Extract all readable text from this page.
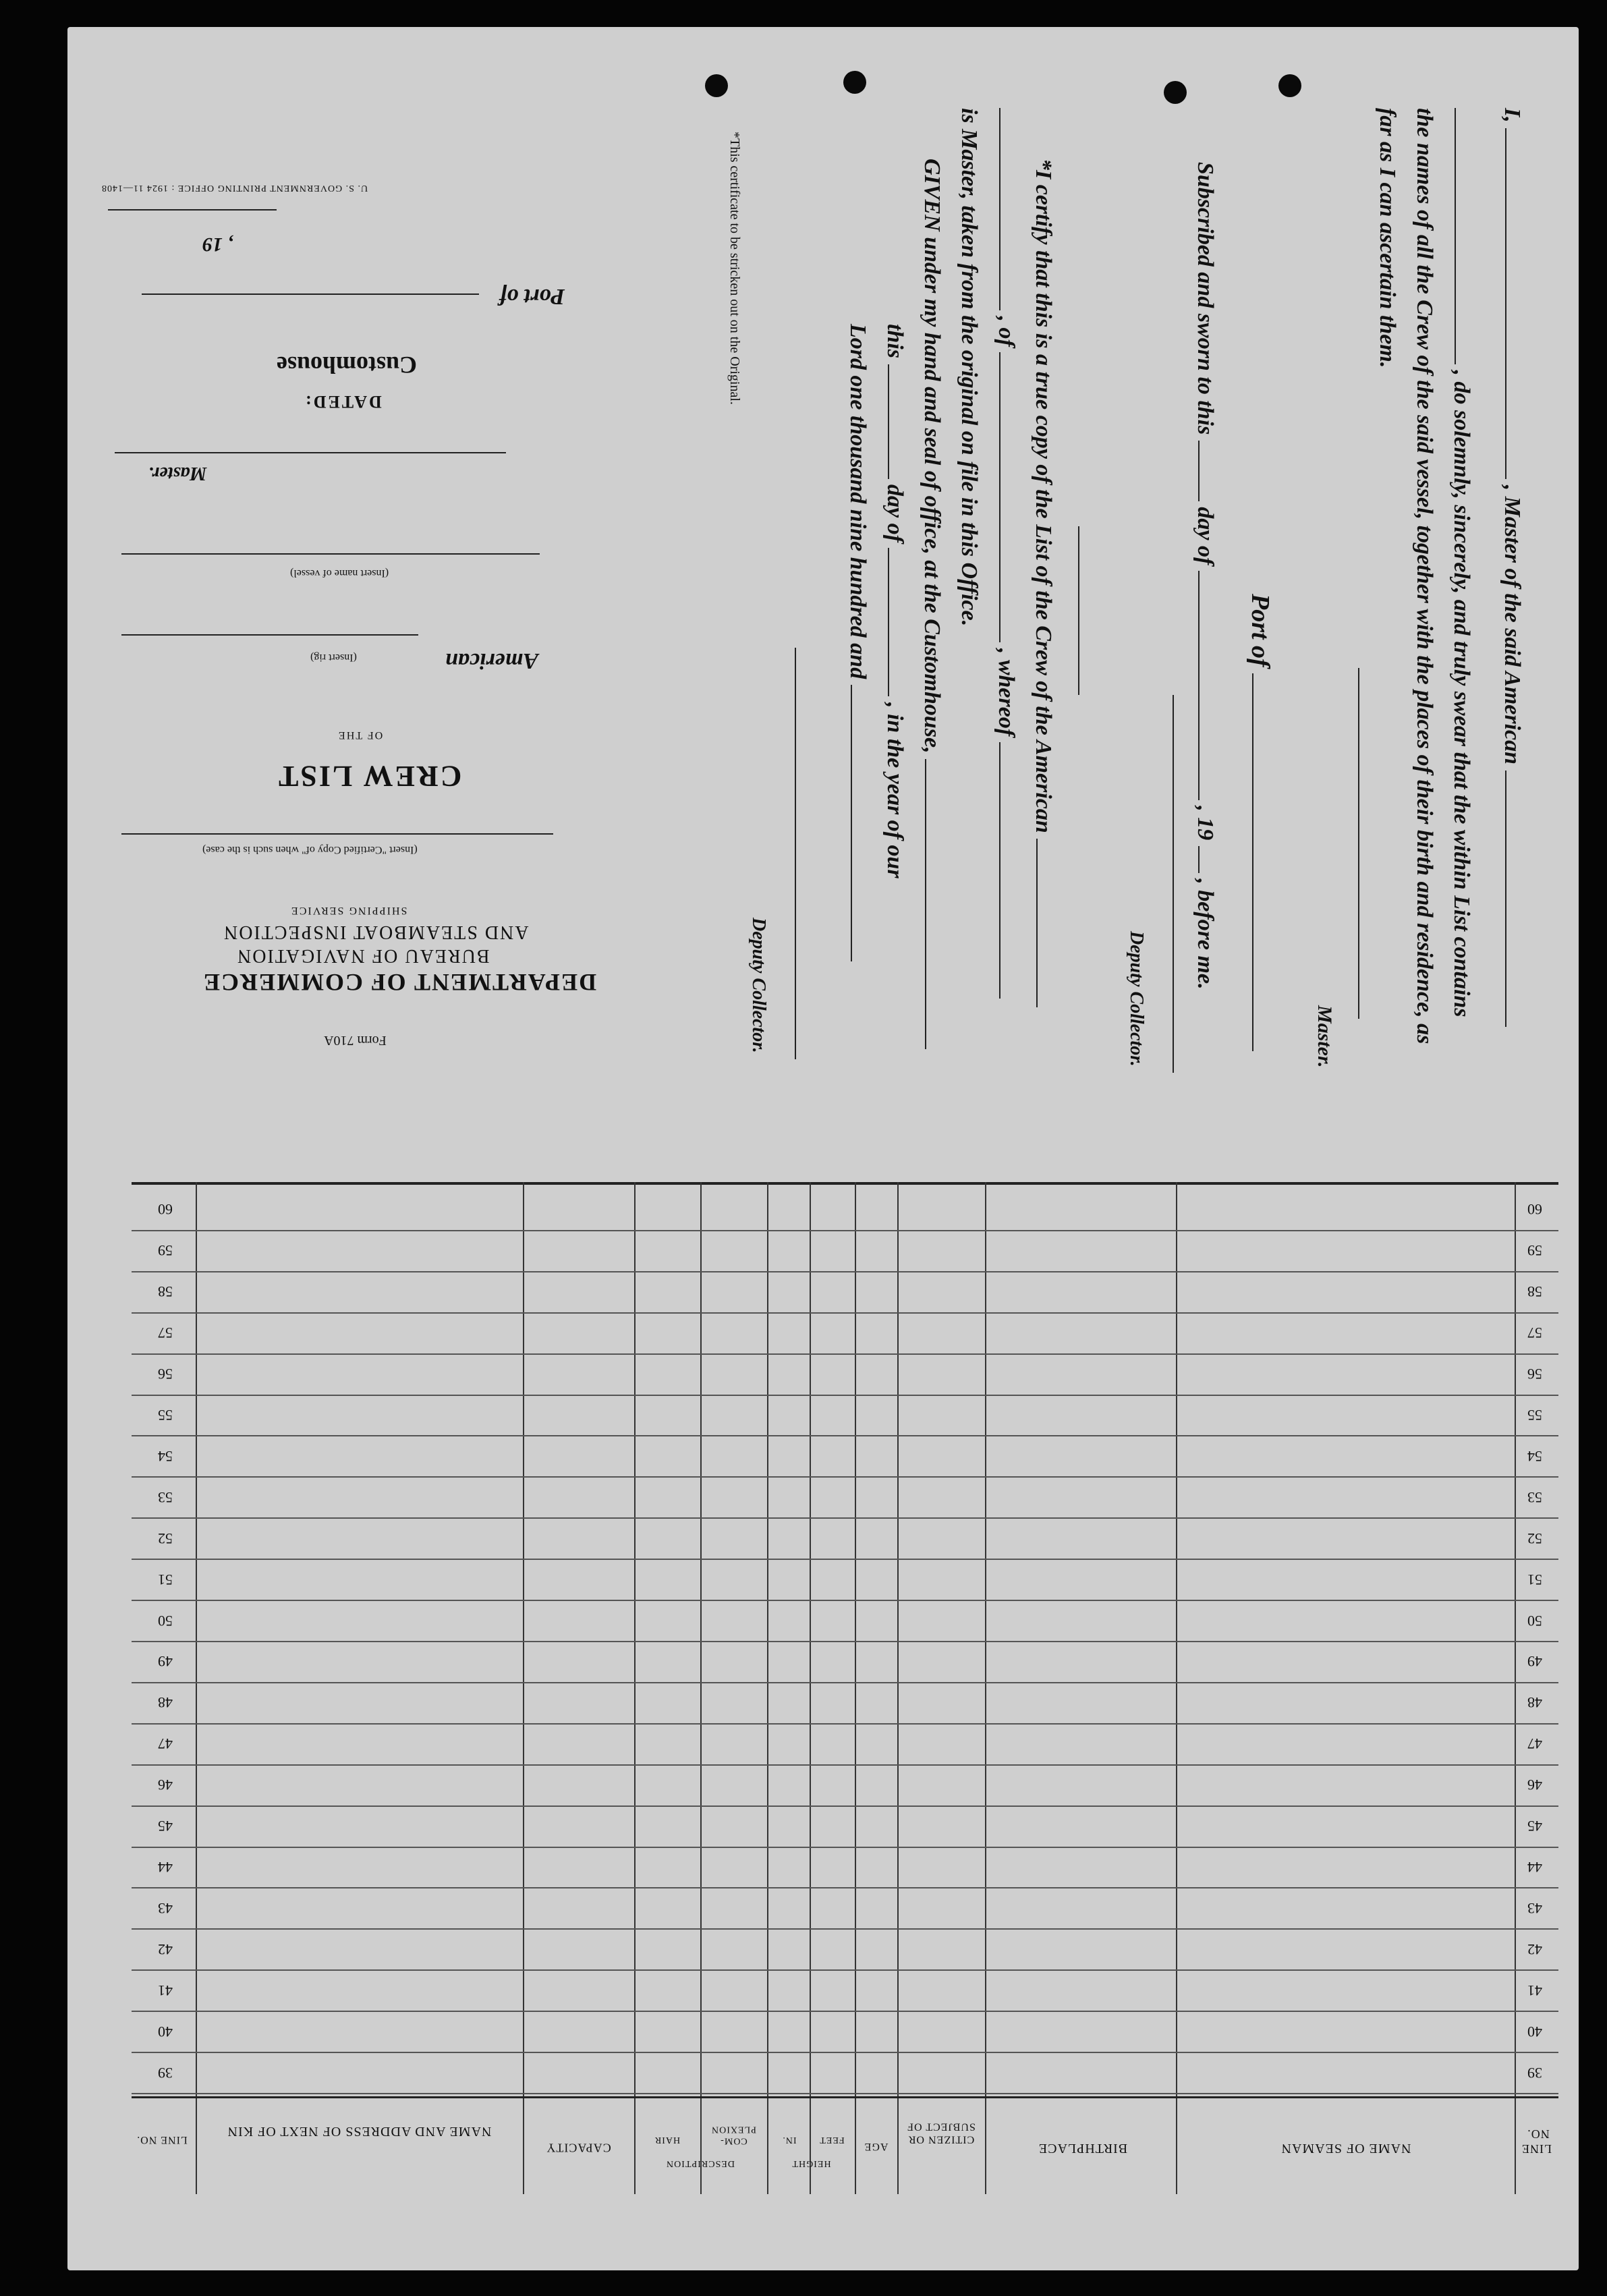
I,  , Master of the said American
, do solemnly, sincerely, and truly swear that the within List contains
the names of all the Crew of the said vessel, together with the places of their birth and residence, as
far as I can ascertain them.
Master.
Port of
Subscribed and sworn to this  day of  , 19  , before me.
Deputy Collector.
*I certify that this is a true copy of the List of the Crew of the American
, of  , whereof
is Master, taken from the original on file in this Office.
GIVEN under my hand and seal of office, at the Customhouse,
this  day of  , in the year of our
Lord one thousand nine hundred and
Deputy Collector.
*This certificate to be stricken out on the Original.
U. S. GOVERNMENT PRINTING OFFICE : 1924 11—1408
, 19
Port of
Customhouse
DATED:
Master.
(Insert name of vessel)
American
(Insert rig)
OF THE
CREW LIST
(Insert "Certified Copy of" when such is the case)
SHIPPING SERVICE
AND STEAMBOAT INSPECTION
BUREAU OF NAVIGATION
DEPARTMENT OF COMMERCE
Form 710A
39
39
40
40
41
41
42
42
43
43
44
44
45
45
46
46
47
47
48
48
49
49
50
50
51
51
52
52
53
53
54
54
55
55
56
56
57
57
58
58
59
59
60
60
LINE NO.
NAME OF SEAMAN
BIRTHPLACE
CITIZEN OR SUBJECT OF
AGE
HEIGHT
FEET
IN.
DESCRIPTION
COM- PLEXION
HAIR
CAPACITY
NAME AND ADDRESS OF NEXT OF KIN
LINE NO.
